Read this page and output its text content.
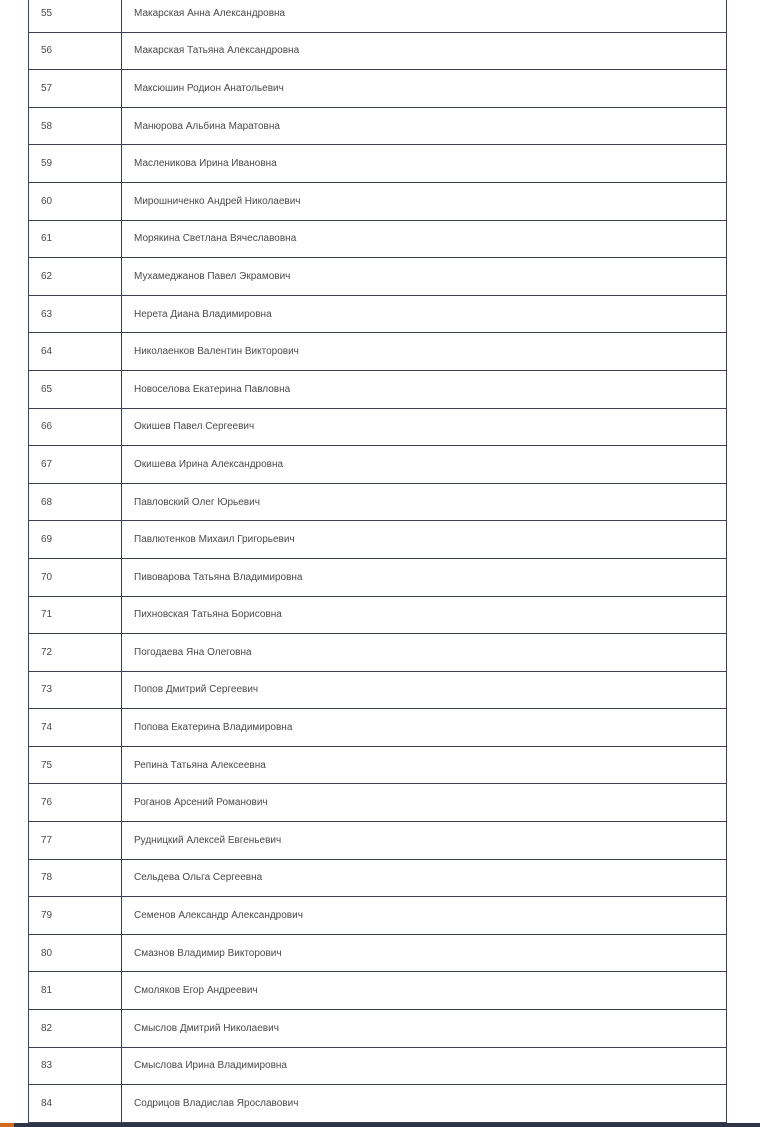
55	Макарская Анна Александровна
56	Макарская Татьяна Александровна
57	Максюшин Родион Анатольевич
58	Манюрова Альбина Маратовна
59	Масленикова Ирина Ивановна
60	Мирошниченко Андрей Николаевич
61	Морякина Светлана Вячеславовна
62	Мухамеджанов Павел Экрамович
63	Нерета Диана Владимировна
64	Николаенков Валентин Викторович
65	Новоселова Екатерина Павловна
66	Окишев Павел Сергеевич
67	Окишева Ирина Александровна
68	Павловский Олег Юрьевич
69	Павлютенков Михаил Григорьевич
70	Пивоварова Татьяна Владимировна
71	Пихновская Татьяна Борисовна
72	Погодаева Яна Олеговна
73	Попов Дмитрий Сергеевич
74	Попова Екатерина Владимировна
75	Репина Татьяна Алексеевна
76	Роганов Арсений Романович
77	Рудницкий Алексей Евгеньевич
78	Сельдева Ольга Сергеевна
79	Семенов Александр Александрович
80	Смазнов Владимир Викторович
81	Смоляков Егор Андреевич
82	Смыслов Дмитрий Николаевич
83	Смыслова Ирина Владимировна
84	Содрицов Владислав Ярославович
